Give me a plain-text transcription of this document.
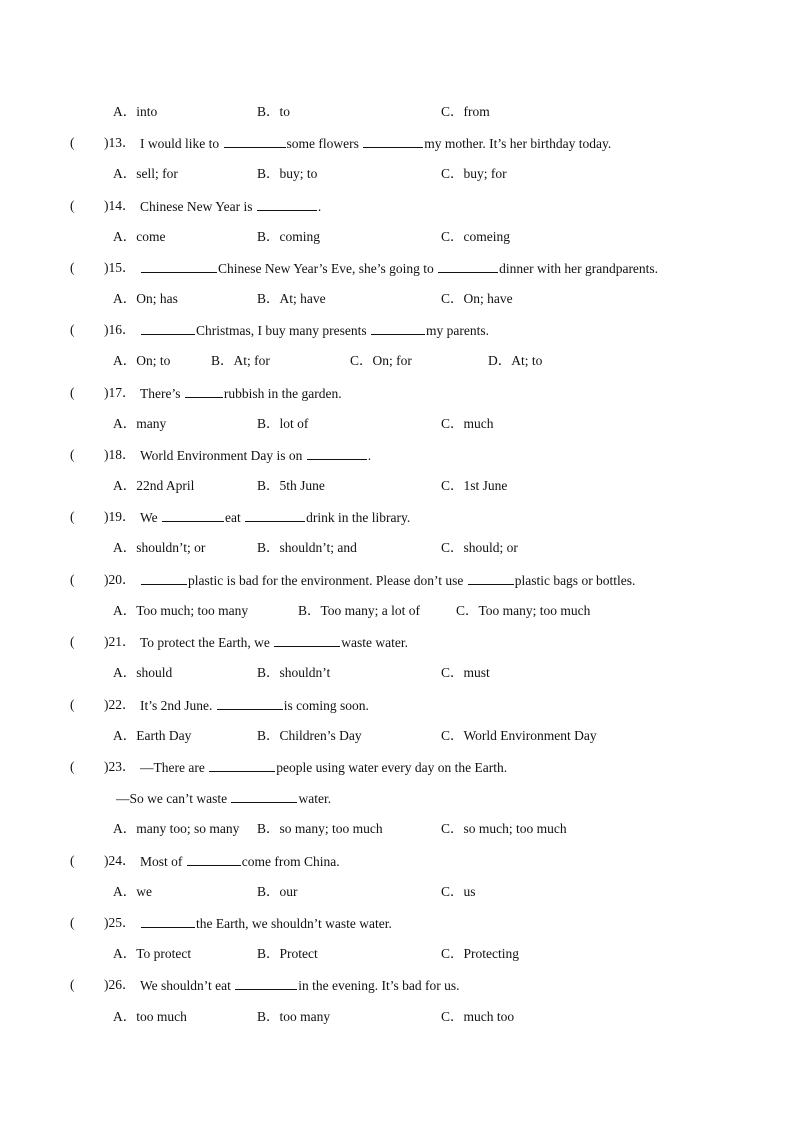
A．into	B．to	C．from
( )13． I would like to	some flowers	my mother. It’s her birthday today.
A．sell; for	B．buy; to	C．buy; for
( )14． Chinese New Year is	.
A．come	B．coming	C．comeing
( )15．	Chinese New Year’s Eve, she’s going to	dinner with her grandparents.
A．On; has	B．At; have	C．On; have
( )16．	Christmas, I buy many presents	my parents.
A．On; to	B．At; for	C．On; for	D．At; to
( )17． There’s	rubbish in the garden.
A．many	B．lot of	C．much
( )18． World Environment Day is on	.
A．22nd April	B．5th June	C．1st June
( )19． We	eat	drink in the library.
A．shouldn’t; or	B．shouldn’t; and	C．should; or
( )20．	plastic is bad for the environment. Please don’t use	plastic bags or bottles.
A．Too much; too many	B．Too many; a lot of	C．Too many; too much
( )21． To protect the Earth, we	waste water.
A．should	B．shouldn’t	C．must
( )22． It’s 2nd June.	is coming soon.
A．Earth Day	B．Children’s Day	C．World Environment Day
( )23． —There are	people using water every day on the Earth.
—So we can’t waste	water.
A．many too; so many B．so many; too much	C．so much; too much
( )24． Most of	come from China.
A．we	B．our	C．us
( )25．	the Earth, we shouldn’t waste water.
A．To protect	B．Protect	C．Protecting
( )26． We shouldn’t eat	in the evening. It’s bad for us.
A．too much	B．too many	C．much too
